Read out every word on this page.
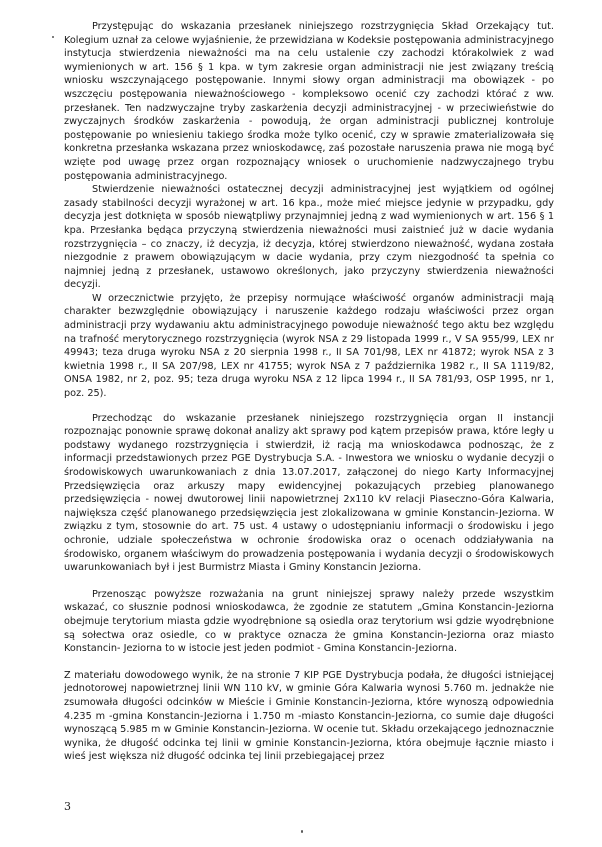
Przystępując do wskazania przesłanek niniejszego rozstrzygnięcia Skład Orzekający tut. Kolegium uznał za celowe wyjaśnienie, że przewidziana w Kodeksie postępowania administracyjnego instytucja stwierdzenia nieważności ma na celu ustalenie czy zachodzi którakolwiek z wad wymienionych w art. 156 § 1 kpa. w tym zakresie organ administracji nie jest związany treścią wniosku wszczynającego postępowanie. Innymi słowy organ administracji ma obowiązek - po wszczęciu postępowania nieważnościowego - kompleksowo ocenić czy zachodzi którać z ww. przesłanek. Ten nadzwyczajne tryby zaskarżenia decyzji administracyjnej - w przeciwieństwie do zwyczajnych środków zaskarżenia - powodują, że organ administracji publicznej kontroluje postępowanie po wniesieniu takiego środka może tylko ocenić, czy w sprawie zmaterializowała się konkretna przesłanka wskazana przez wnioskodawcę, zaś pozostałe naruszenia prawa nie mogą być wzięte pod uwagę przez organ rozpoznający wniosek o uruchomienie nadzwyczajnego trybu postępowania administracyjnego.

Stwierdzenie nieważności ostatecznej decyzji administracyjnej jest wyjątkiem od ogólnej zasady stabilności decyzji wyrażonej w art. 16 kpa., może mieć miejsce jedynie w przypadku, gdy decyzja jest dotknięta w sposób niewątpliwy przynajmniej jedną z wad wymienionych w art. 156 § 1 kpa. Przesłanka będąca przyczyną stwierdzenia nieważności musi zaistnieć już w dacie wydania rozstrzygnięcia – co znaczy, iż decyzja, iż decyzja, której stwierdzono nieważność, wydana została niezgodnie z prawem obowiązującym w dacie wydania, przy czym niezgodność ta spełnia co najmniej jedną z przesłanek, ustawowo określonych, jako przyczyny stwierdzenia nieważności decyzji.

W orzecznictwie przyjęto, że przepisy normujące właściwość organów administracji mają charakter bezwzględnie obowiązujący i naruszenie każdego rodzaju właściwości przez organ administracji przy wydawaniu aktu administracyjnego powoduje nieważność tego aktu bez względu na trafność merytorycznego rozstrzygnięcia (wyrok NSA z 29 listopada 1999 r., V SA 955/99, LEX nr 49943; teza druga wyroku NSA z 20 sierpnia 1998 r., II SA 701/98, LEX nr 41872; wyrok NSA z 3 kwietnia 1998 r., II SA 207/98, LEX nr 41755; wyrok NSA z 7 października 1982 r., II SA 1119/82, ONSA 1982, nr 2, poz. 95; teza druga wyroku NSA z 12 lipca 1994 r., II SA 781/93, OSP 1995, nr 1, poz. 25).

Przechodząc do wskazanie przesłanek niniejszego rozstrzygnięcia organ II instancji rozpoznając ponownie sprawę dokonał analizy akt sprawy pod kątem przepisów prawa, które legły u podstawy wydanego rozstrzygnięcia i stwierdził, iż racją ma wnioskodawca podnosząc, że z informacji przedstawionych przez PGE Dystrybucja S.A. - Inwestora we wniosku o wydanie decyzji o środowiskowych uwarunkowaniach z dnia 13.07.2017, załączonej do niego Karty Informacyjnej Przedsięwzięcia oraz arkuszy mapy ewidencyjnej pokazujących przebieg planowanego przedsięwzięcia - nowej dwutorowej linii napowietrznej 2x110 kV relacji Piaseczno-Góra Kalwaria, największa część planowanego przedsięwzięcia jest zlokalizowana w gminie Konstancin-Jeziorna. W związku z tym, stosownie do art. 75 ust. 4 ustawy o udostępnianiu informacji o środowisku i jego ochronie, udziale społeczeństwa w ochronie środowiska oraz o ocenach oddziaływania na środowisko, organem właściwym do prowadzenia postępowania i wydania decyzji o środowiskowych uwarunkowaniach był i jest Burmistrz Miasta i Gminy Konstancin Jeziorna.

Przenosząc powyższe rozważania na grunt niniejszej sprawy należy przede wszystkim wskazać, co słusznie podnosi wnioskodawca, że zgodnie ze statutem „Gmina Konstancin-Jeziorna obejmuje terytorium miasta gdzie wyodrębnione są osiedla oraz terytorium wsi gdzie wyodrębnione są sołectwa oraz osiedle, co w praktyce oznacza że gmina Konstancin-Jeziorna oraz miasto Konstancin- Jeziorna to w istocie jest jeden podmiot - Gmina Konstancin-Jeziorna.

Z materiału dowodowego wynik, że na stronie 7 KIP PGE Dystrybucja podała, że długości istniejącej jednotorowej napowietrznej linii WN 110 kV, w gminie Góra Kalwaria wynosi 5.760 m. jednakże nie zsumowała długości odcinków w Mieście i Gminie Konstancin-Jeziorna, które wynoszą odpowiednia 4.235 m -gmina Konstancin-Jeziorna i 1.750 m -miasto Konstancin-Jeziorna, co sumie daje długości wynoszącą 5.985 m w Gminie Konstancin-Jeziorna. W ocenie tut. Składu orzekającego jednoznacznie wynika, że długość odcinka tej linii w gminie Konstancin-Jeziorna, która obejmuje łącznie miasto i wieś jest większa niż długość odcinka tej linii przebiegającej przez

3
